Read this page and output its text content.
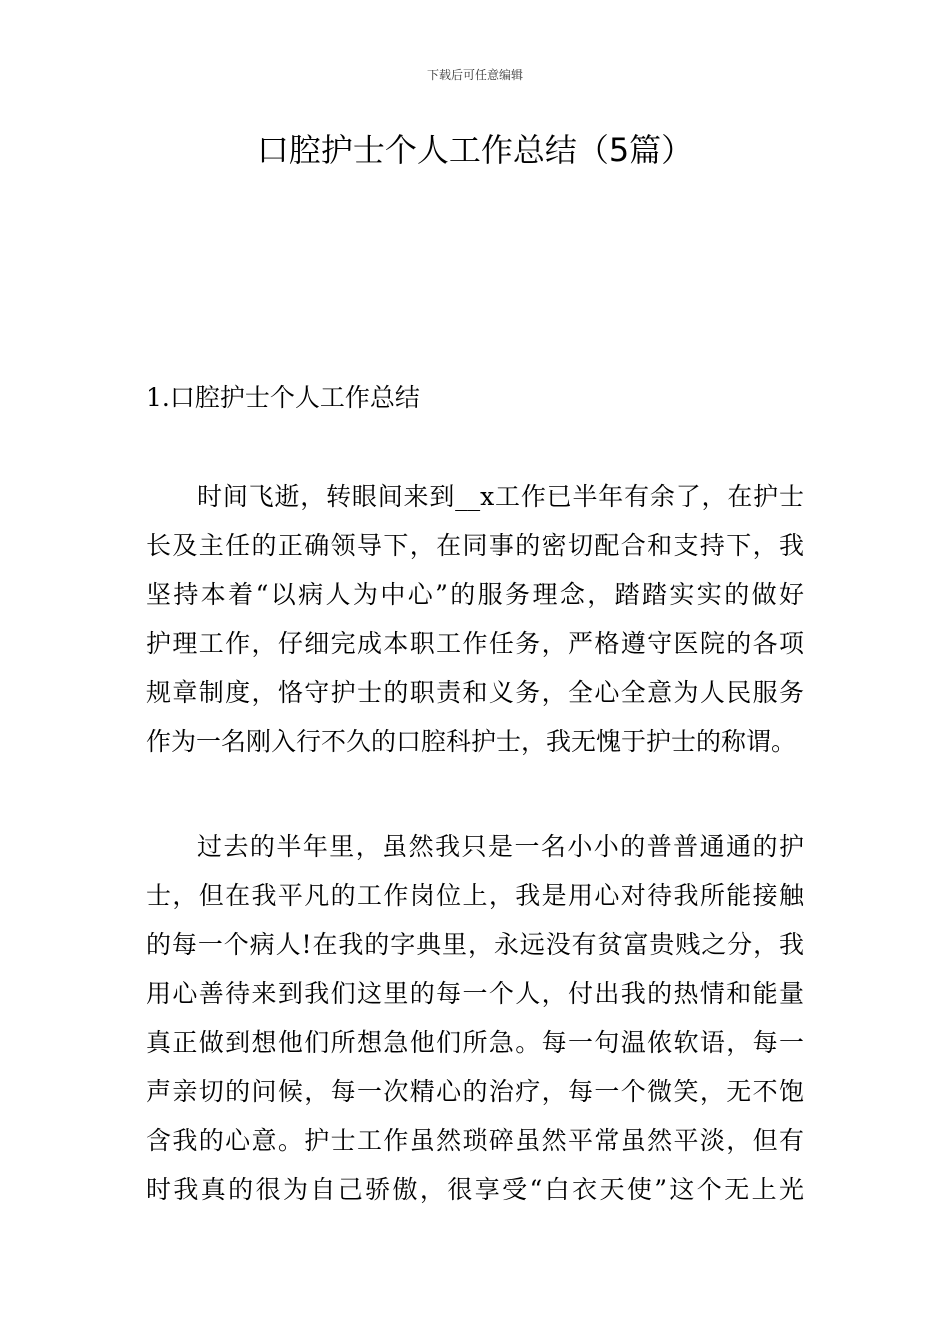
下载后可任意编辑
口腔护士个人工作总结（5篇）
1.口腔护士个人工作总结
时间飞逝，转眼间来到__x工作已半年有余了，在护士
长及主任的正确领导下，在同事的密切配合和支持下，我
坚持本着“以病人为中心”的服务理念，踏踏实实的做好
护理工作，仔细完成本职工作任务，严格遵守医院的各项
规章制度，恪守护士的职责和义务，全心全意为人民服务
作为一名刚入行不久的口腔科护士，我无愧于护士的称谓。
过去的半年里，虽然我只是一名小小的普普通通的护
士，但在我平凡的工作岗位上，我是用心对待我所能接触
的每一个病人!在我的字典里，永远没有贫富贵贱之分，我
用心善待来到我们这里的每一个人，付出我的热情和能量
真正做到想他们所想急他们所急。每一句温侬软语，每一
声亲切的问候，每一次精心的治疗，每一个微笑，无不饱
含我的心意。护士工作虽然琐碎虽然平常虽然平淡，但有
时我真的很为自己骄傲，很享受“白衣天使”这个无上光
